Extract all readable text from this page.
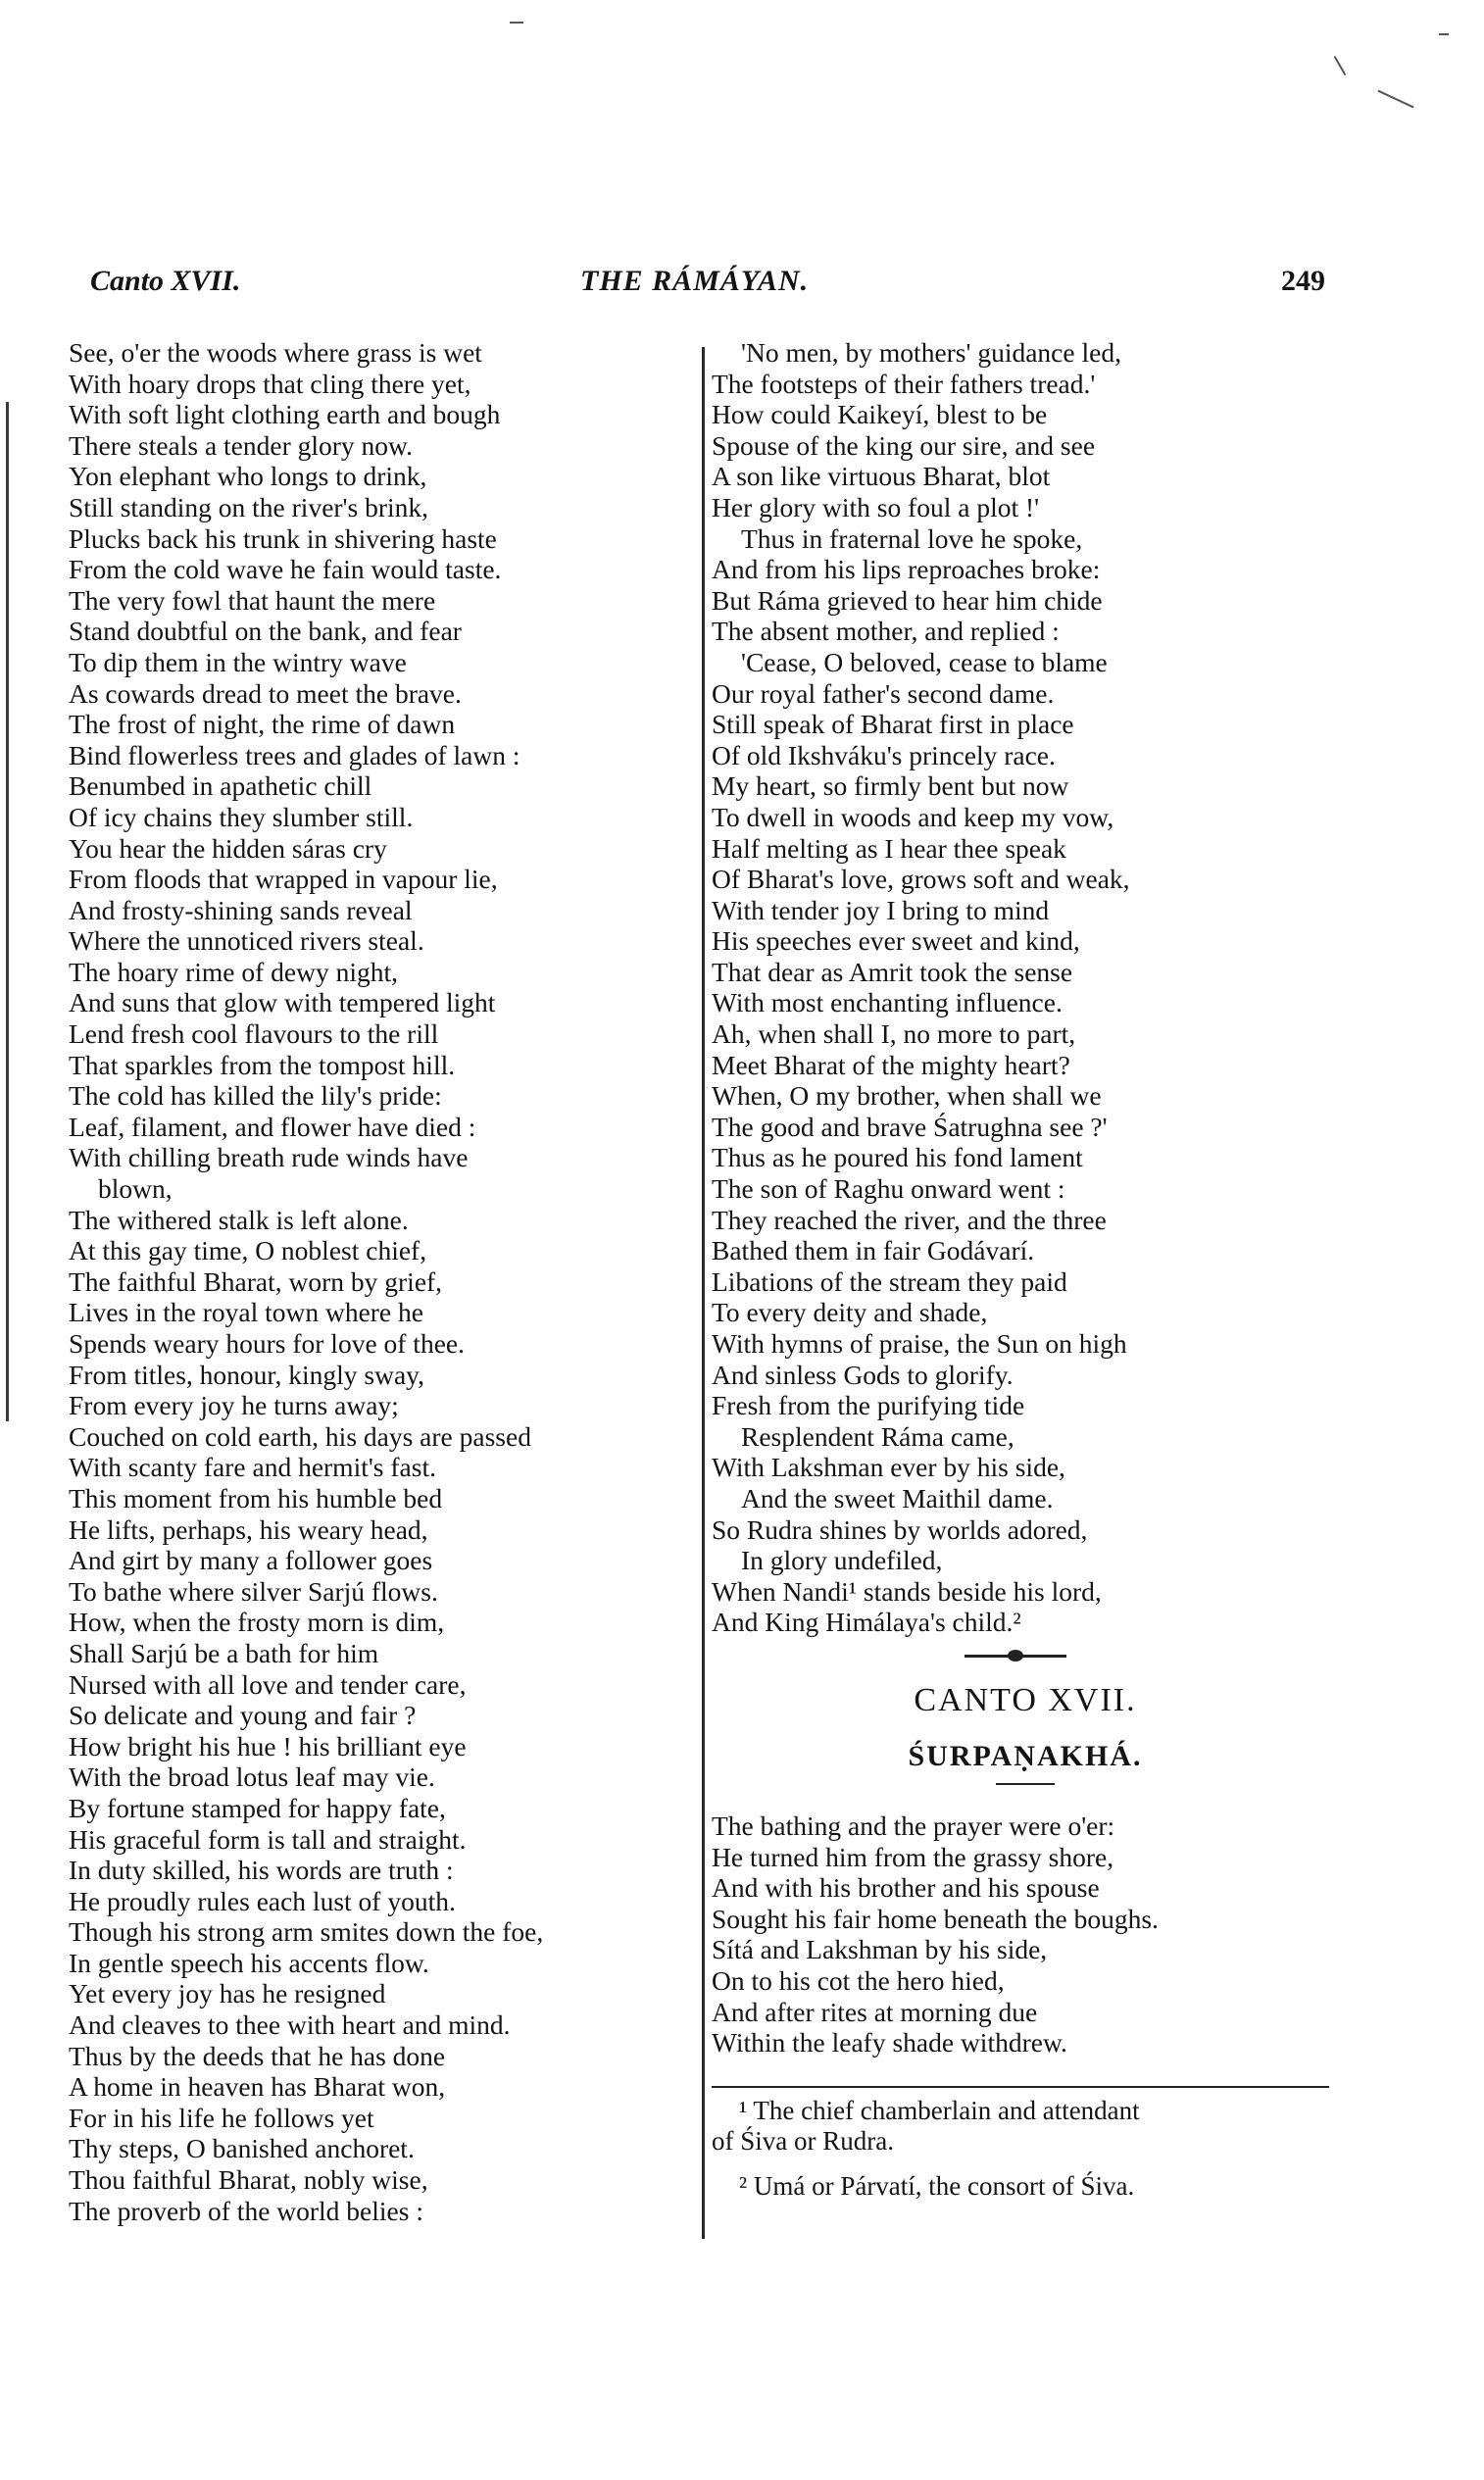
Canto XVII.	THE RÁMÁYAN.	249
See, o'er the woods where grass is wet
With hoary drops that cling there yet,
With soft light clothing earth and bough
There steals a tender glory now.
Yon elephant who longs to drink,
Still standing on the river's brink,
Plucks back his trunk in shivering haste
From the cold wave he fain would taste.
The very fowl that haunt the mere
Stand doubtful on the bank, and fear
To dip them in the wintry wave
As cowards dread to meet the brave.
The frost of night, the rime of dawn
Bind flowerless trees and glades of lawn :
Benumbed in apathetic chill
Of icy chains they slumber still.
You hear the hidden sáras cry
From floods that wrapped in vapour lie,
And frosty-shining sands reveal
Where the unnoticed rivers steal.
The hoary rime of dewy night,
And suns that glow with tempered light
Lend fresh cool flavours to the rill
That sparkles from the tompost hill.
The cold has killed the lily's pride:
Leaf, filament, and flower have died :
With chilling breath rude winds have
blown,
The withered stalk is left alone.
At this gay time, O noblest chief,
The faithful Bharat, worn by grief,
Lives in the royal town where he
Spends weary hours for love of thee.
From titles, honour, kingly sway,
From every joy he turns away;
Couched on cold earth, his days are passed
With scanty fare and hermit's fast.
This moment from his humble bed
He lifts, perhaps, his weary head,
And girt by many a follower goes
To bathe where silver Sarjú flows.
How, when the frosty morn is dim,
Shall Sarjú be a bath for him
Nursed with all love and tender care,
So delicate and young and fair ?
How bright his hue ! his brilliant eye
With the broad lotus leaf may vie.
By fortune stamped for happy fate,
His graceful form is tall and straight.
In duty skilled, his words are truth :
He proudly rules each lust of youth.
Though his strong arm smites down the foe,
In gentle speech his accents flow.
Yet every joy has he resigned
And cleaves to thee with heart and mind.
Thus by the deeds that he has done
A home in heaven has Bharat won,
For in his life he follows yet
Thy steps, O banished anchoret.
Thou faithful Bharat, nobly wise,
The proverb of the world belies :
'No men, by mothers' guidance led,
The footsteps of their fathers tread.'
How could Kaikeyí, blest to be
Spouse of the king our sire, and see
A son like virtuous Bharat, blot
Her glory with so foul a plot !'
Thus in fraternal love he spoke,
And from his lips reproaches broke:
But Ráma grieved to hear him chide
The absent mother, and replied :
'Cease, O beloved, cease to blame
Our royal father's second dame.
Still speak of Bharat first in place
Of old Ikshváku's princely race.
My heart, so firmly bent but now
To dwell in woods and keep my vow,
Half melting as I hear thee speak
Of Bharat's love, grows soft and weak,
With tender joy I bring to mind
His speeches ever sweet and kind,
That dear as Amrit took the sense
With most enchanting influence.
Ah, when shall I, no more to part,
Meet Bharat of the mighty heart?
When, O my brother, when shall we
The good and brave Śatrughna see ?'
Thus as he poured his fond lament
The son of Raghu onward went :
They reached the river, and the three
Bathed them in fair Godávarí.
Libations of the stream they paid
To every deity and shade,
With hymns of praise, the Sun on high
And sinless Gods to glorify.
Fresh from the purifying tide
Resplendent Ráma came,
With Lakshman ever by his side,
And the sweet Maithil dame.
So Rudra shines by worlds adored,
In glory undefiled,
When Nandi¹ stands beside his lord,
And King Himálaya's child.²
CANTO XVII.
ŚURPAṆAKHÁ.
The bathing and the prayer were o'er:
He turned him from the grassy shore,
And with his brother and his spouse
Sought his fair home beneath the boughs.
Sítá and Lakshman by his side,
On to his cot the hero hied,
And after rites at morning due
Within the leafy shade withdrew.
¹ The chief chamberlain and attendant
of Śiva or Rudra.
² Umá or Párvatí, the consort of Śiva.
